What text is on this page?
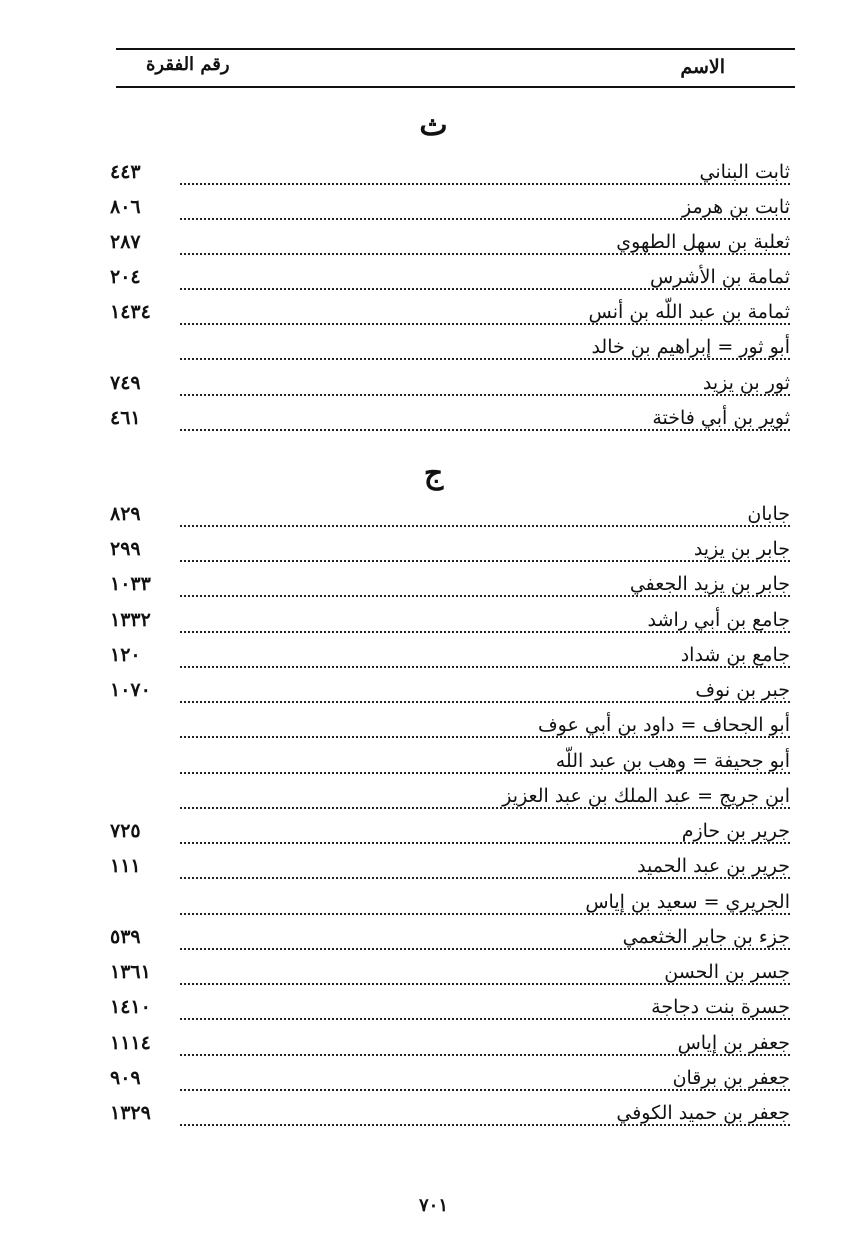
الاسم
رقم الفقرة
ث
ثابت البناني
٤٤٣
ثابت بن هرمز
٨٠٦
ثعلبة بن سهل الطهوي
٢٨٧
ثمامة بن الأشرس
٢٠٤
ثمامة بن عبد اللّه بن أنس
١٤٣٤
أبو ثور = إبراهيم بن خالد
ثور بن يزيد
٧٤٩
ثوير بن أبي فاختة
٤٦١
ج
جابان
٨٢٩
جابر بن يزيد
٢٩٩
جابر بن يزيد الجعفي
١٠٣٣
جامع بن أبي راشد
١٣٣٢
جامع بن شداد
١٢٠
جبر بن نوف
١٠٧٠
أبو الجحاف = داود بن أبي عوف
أبو جحيفة = وهب بن عبد اللّه
ابن جريج = عبد الملك بن عبد العزيز
جرير بن حازم
٧٢٥
جرير بن عبد الحميد
١١١
الجريري = سعيد بن إياس
جزء بن جابر الخثعمي
٥٣٩
جسر بن الحسن
١٣٦١
جسرة بنت دجاجة
١٤١٠
جعفر بن إياس
١١١٤
جعفر بن برقان
٩٠٩
جعفر بن حميد الكوفي
١٣٢٩
٧٠١
